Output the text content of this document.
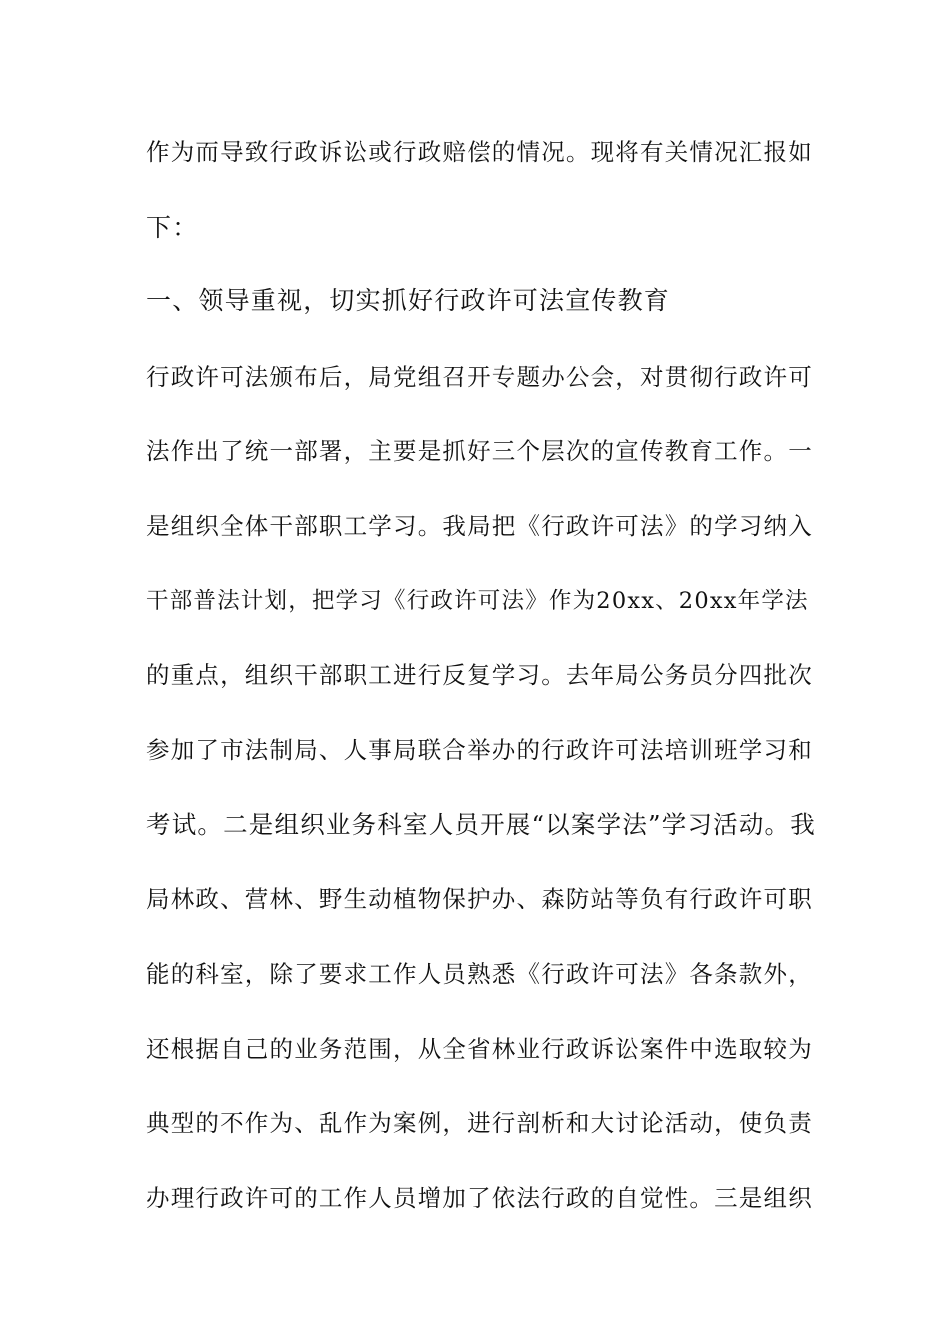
作为而导致行政诉讼或行政赔偿的情况。现将有关情况汇报如
下：
一、领导重视，切实抓好行政许可法宣传教育
行政许可法颁布后，局党组召开专题办公会，对贯彻行政许可
法作出了统一部署，主要是抓好三个层次的宣传教育工作。一
是组织全体干部职工学习。我局把《行政许可法》的学习纳入
干部普法计划，把学习《行政许可法》作为20xx、20xx年学法
的重点，组织干部职工进行反复学习。去年局公务员分四批次
参加了市法制局、人事局联合举办的行政许可法培训班学习和
考试。二是组织业务科室人员开展“以案学法”学习活动。我
局林政、营林、野生动植物保护办、森防站等负有行政许可职
能的科室，除了要求工作人员熟悉《行政许可法》各条款外，
还根据自己的业务范围，从全省林业行政诉讼案件中选取较为
典型的不作为、乱作为案例，进行剖析和大讨论活动，使负责
办理行政许可的工作人员增加了依法行政的自觉性。三是组织
